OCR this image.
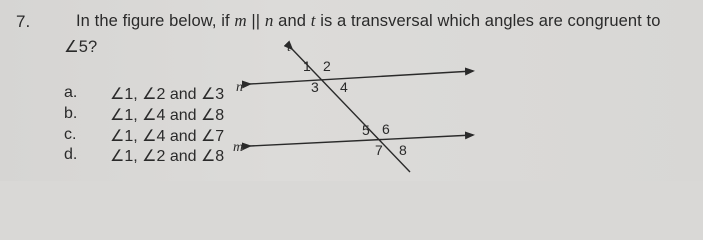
7.	In the figure below, if m || n and t is a transversal which angles are congruent to
∠5?
a. ∠1, ∠2 and ∠3
b. ∠1, ∠4 and ∠8
c. ∠1, ∠4 and ∠7
d. ∠1, ∠2 and ∠8
t
n
m
1 2
3 4
5 6
7 8
